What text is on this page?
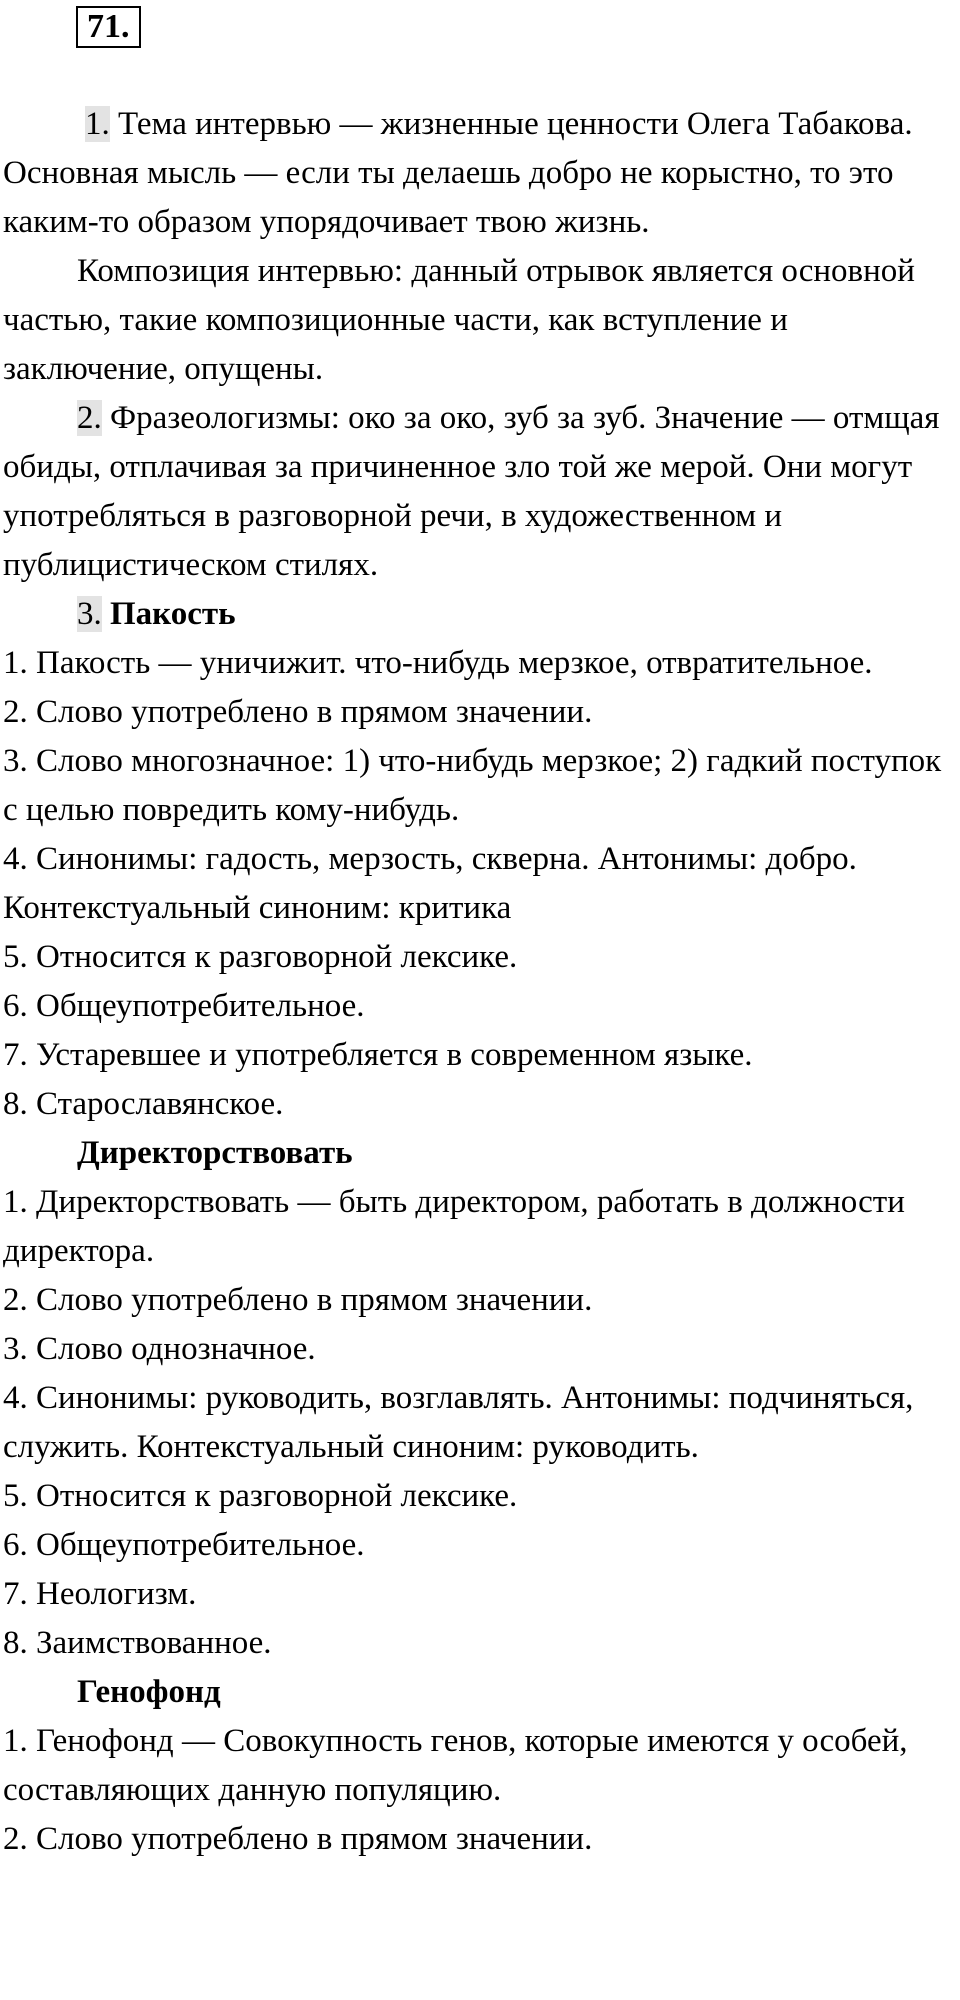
71.

1. Тема интервью — жизненные ценности Олега Табакова. Основная мысль — если ты делаешь добро не корыстно, то это каким-то образом упорядочивает твою жизнь.

Композиция интервью: данный отрывок является основной частью, такие композиционные части, как вступление и заключение, опущены.

2. Фразеологизмы: око за око, зуб за зуб. Значение — отмщая обиды, отплачивая за причиненное зло той же мерой. Они могут употребляться в разговорной речи, в художественном и публицистическом стилях.

3. Пакость

1. Пакость — уничижит. что-нибудь мерзкое, отвратительное.

2. Слово употреблено в прямом значении.

3. Слово многозначное: 1) что-нибудь мерзкое; 2) гадкий поступок с целью повредить кому-нибудь.

4. Синонимы: гадость, мерзость, скверна. Антонимы: добро. Контекстуальный синоним: критика

5. Относится к разговорной лексике.

6. Общеупотребительное.

7. Устаревшее и употребляется в современном языке.

8. Старославянское.

Директорствовать

1. Директорствовать — быть директором, работать в должности директора.

2. Слово употреблено в прямом значении.

3. Слово однозначное.

4. Синонимы: руководить, возглавлять. Антонимы: подчиняться, служить. Контекстуальный синоним: руководить.

5. Относится к разговорной лексике.

6. Общеупотребительное.

7. Неологизм.

8. Заимствованное.

Генофонд

1. Генофонд — Совокупность генов, которые имеются у особей, составляющих данную популяцию.

2. Слово употреблено в прямом значении.
